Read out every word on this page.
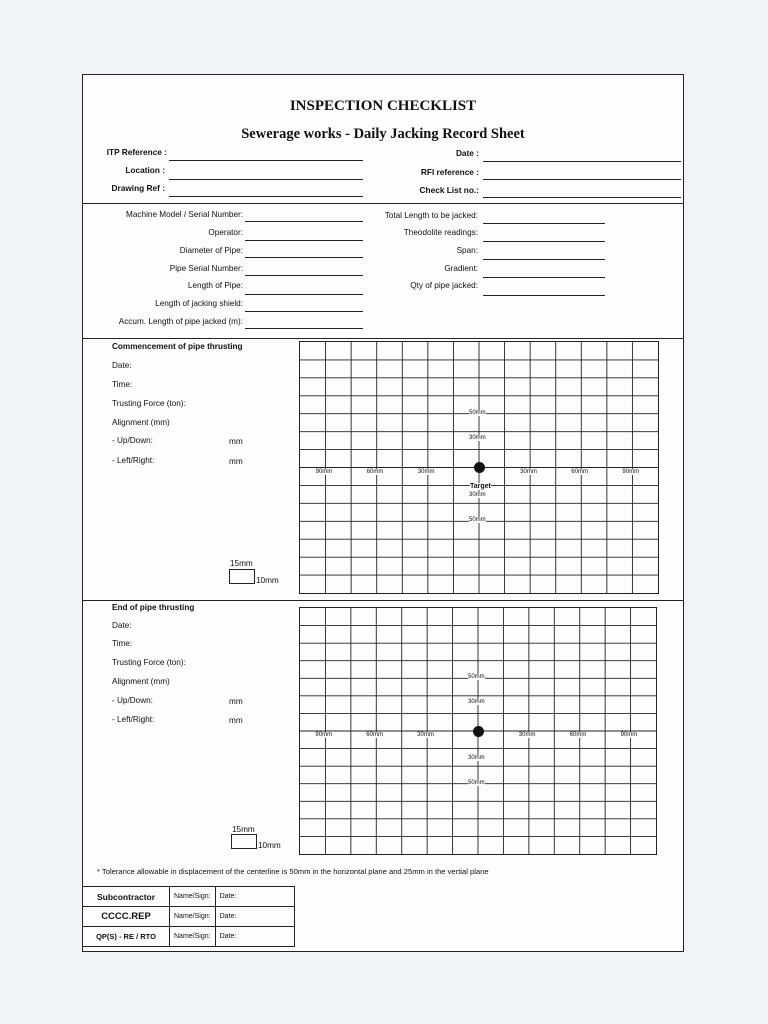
INSPECTION CHECKLIST
Sewerage works - Daily Jacking Record Sheet
ITP Reference :
Location :
Drawing Ref :
Date :
RFI reference :
Check List no.:
Machine Model / Serial Number:
Operator:
Diameter of Pipe:
Pipe Serial Number:
Length of Pipe:
Length of jacking shield:
Accum. Length of pipe jacked (m):
Total Length to be jacked:
Theodolite readings:
Span:
Gradient:
Qty of pipe jacked:
Commencement of pipe thrusting
Date:
Time:
Trusting Force (ton):
Alignment (mm)
- Up/Down:	mm
- Left/Right:	mm
15mm
10mm
50mm
30mm
30mm
50mm
90mm	60mm	30mm	30mm	60mm	90mm
Target
End of pipe thrusting
Date:
Time:
Trusting Force (ton):
Alignment (mm)
- Up/Down:	mm
- Left/Right:	mm
15mm
10mm
50mm
30mm
30mm
50mm
90mm	60mm	30mm	30mm	60mm	90mm
* Tolerance allowable in displacement of the centerline is 50mm in the horizontal plane and 25mm in the vertial plane
Subcontractor	Name/Sign:	Date:
CCCC.REP	Name/Sign:	Date:
QP(S) - RE / RTO	Name/Sign:	Date:
